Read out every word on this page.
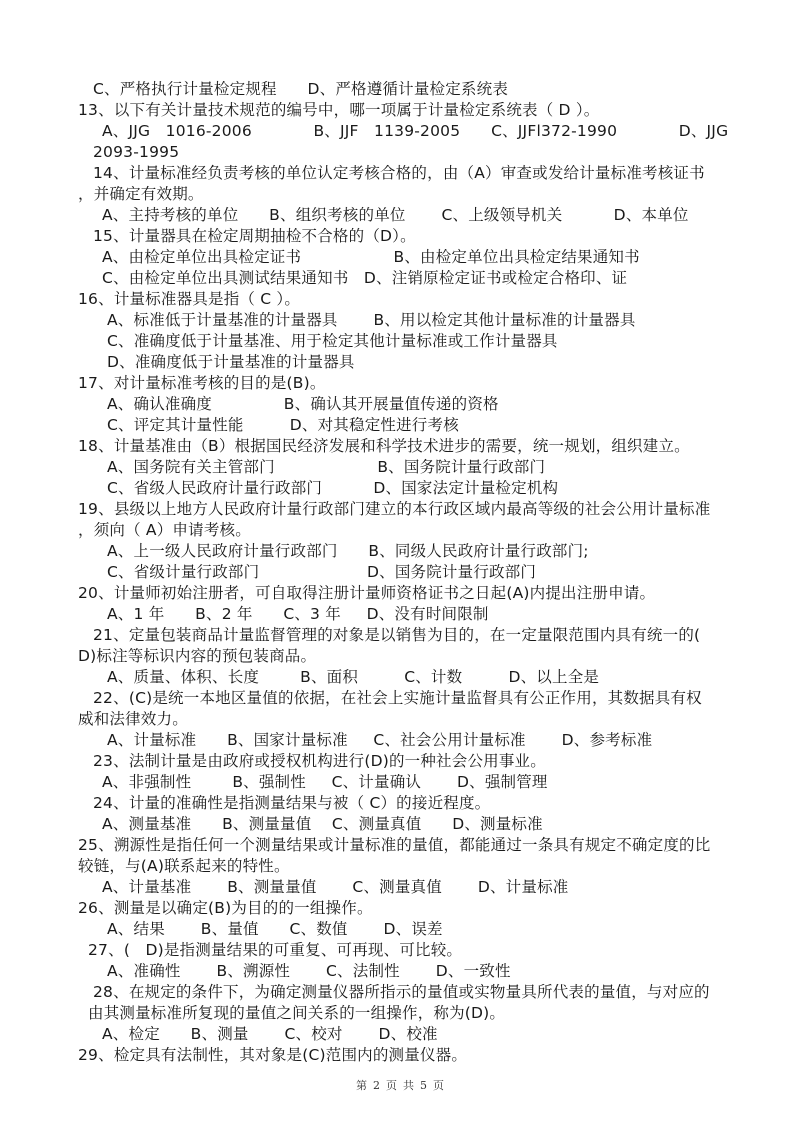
C、严格执行计量检定规程      D、严格遵循计量检定系统表
13、以下有关计量技术规范的编号中，哪一项属于计量检定系统表（ D ）。
A、JJG   1016-2006            B、JJF   1139-2005      C、JJFl372-1990            D、JJG
2093-1995
14、计量标准经负责考核的单位认定考核合格的，由（A）审查或发给计量标准考核证书
，并确定有效期。
A、主持考核的单位      B、组织考核的单位       C、上级领导机关          D、本单位
15、计量器具在检定周期抽检不合格的（D）。
A、由检定单位出具检定证书                  B、由检定单位出具检定结果通知书
C、由检定单位出具测试结果通知书   D、注销原检定证书或检定合格印、证
16、计量标准器具是指（ C ）。
A、标准低于计量基准的计量器具       B、用以检定其他计量标准的计量器具
C、准确度低于计量基准、用于检定其他计量标准或工作计量器具
D、准确度低于计量基准的计量器具
17、对计量标准考核的目的是(B)。
A、确认准确度              B、确认其开展量值传递的资格
C、评定其计量性能         D、对其稳定性进行考核
18、计量基准由（B）根据国民经济发展和科学技术进步的需要，统一规划，组织建立。
A、国务院有关主管部门                    B、国务院计量行政部门
C、省级人民政府计量行政部门          D、国家法定计量检定机构
19、县级以上地方人民政府计量行政部门建立的本行政区域内最高等级的社会公用计量标准
，须向（ A）申请考核。
A、上一级人民政府计量行政部门      B、同级人民政府计量行政部门;
C、省级计量行政部门                     D、国务院计量行政部门
20、计量师初始注册者，可自取得注册计量师资格证书之日起(A)内提出注册申请。
A、1 年      B、2 年      C、3 年     D、没有时间限制
21、定量包装商品计量监督管理的对象是以销售为目的，在一定量限范围内具有统一的(
D)标注等标识内容的预包装商品。
A、质量、体积、长度        B、面积         C、计数         D、以上全是
22、(C)是统一本地区量值的依据，在社会上实施计量监督具有公正作用，其数据具有权
威和法律效力。
A、计量标准      B、国家计量标准     C、社会公用计量标准       D、参考标准
23、法制计量是由政府或授权机构进行(D)的一种社会公用事业。
A、非强制性        B、强制性     C、计量确认       D、强制管理
24、计量的准确性是指测量结果与被（ C）的接近程度。
A、测量基准      B、测量量值    C、测量真值      D、测量标准
25、溯源性是指任何一个测量结果或计量标准的量值，都能通过一条具有规定不确定度的比
较链，与(A)联系起来的特性。
A、计量基准       B、测量量值       C、测量真值       D、计量标准
26、测量是以确定(B)为目的的一组操作。
A、结果       B、量值      C、数值       D、误差
27、(   D)是指测量结果的可重复、可再现、可比较。
A、准确性       B、溯源性       C、法制性       D、一致性
28、在规定的条件下，为确定测量仪器所指示的量值或实物量具所代表的量值，与对应的
由其测量标准所复现的量值之间关系的一组操作，称为(D)。
A、检定      B、测量       C、校对       D、校准
29、检定具有法制性，其对象是(C)范围内的测量仪器。
第 2 页 共 5 页
